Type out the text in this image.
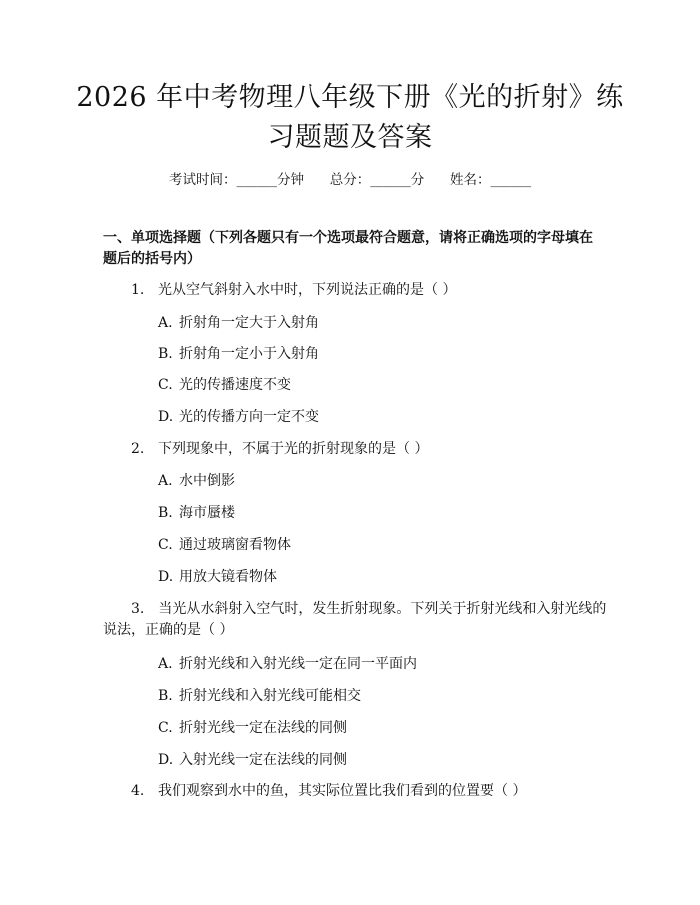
2026 年中考物理八年级下册《光的折射》练
习题题及答案
考试时间：______分钟      总分：______分      姓名：______
一、单项选择题（下列各题只有一个选项最符合题意，请将正确选项的字母填在
题后的括号内）
1. 光从空气斜射入水中时，下列说法正确的是（ ）
A. 折射角一定大于入射角
B. 折射角一定小于入射角
C. 光的传播速度不变
D. 光的传播方向一定不变
2. 下列现象中，不属于光的折射现象的是（ ）
A. 水中倒影
B. 海市蜃楼
C. 通过玻璃窗看物体
D. 用放大镜看物体
3.  当光从水斜射入空气时，发生折射现象。下列关于折射光线和入射光线的
说法，正确的是（ ）
A. 折射光线和入射光线一定在同一平面内
B. 折射光线和入射光线可能相交
C. 折射光线一定在法线的同侧
D. 入射光线一定在法线的同侧
4. 我们观察到水中的鱼，其实际位置比我们看到的位置要（ ）
